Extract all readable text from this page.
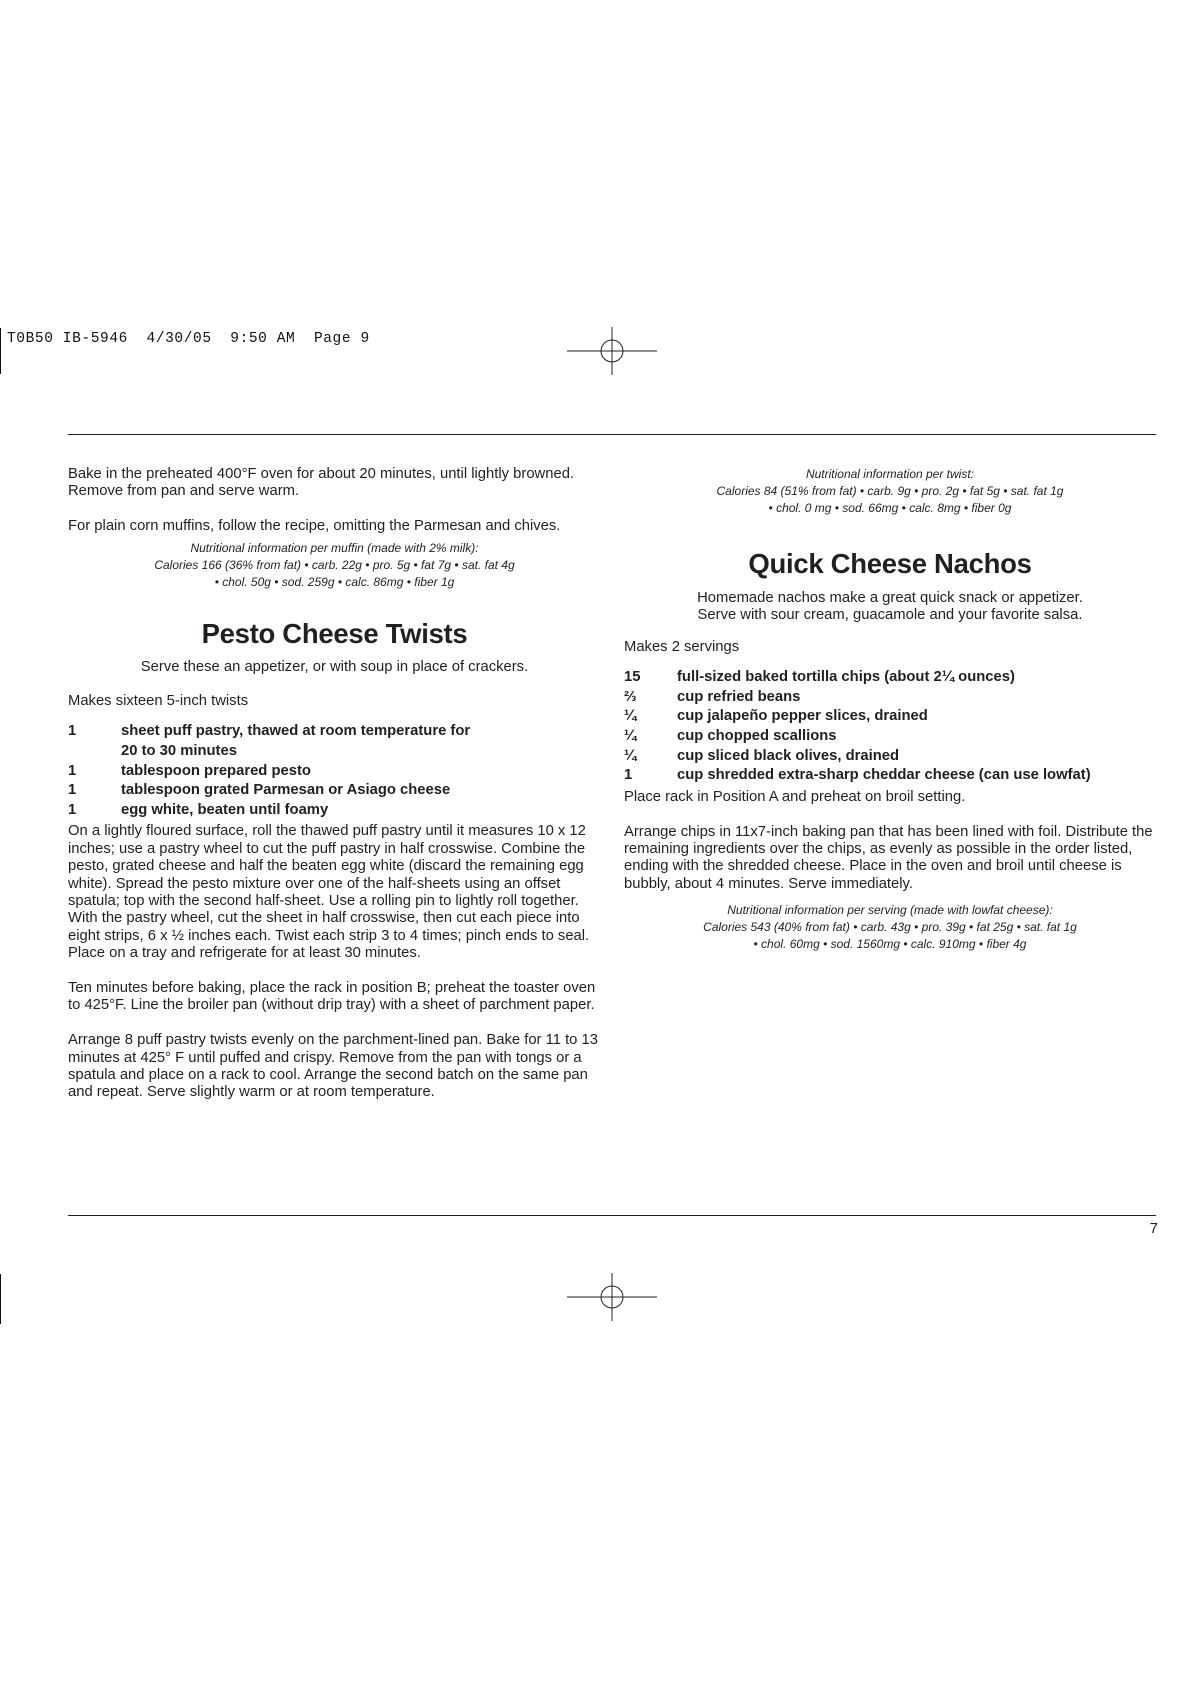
T0B50 IB-5946  4/30/05  9:50 AM  Page 9

Bake in the preheated 400°F oven for about 20 minutes, until lightly browned. Remove from pan and serve warm.

For plain corn muffins, follow the recipe, omitting the Parmesan and chives.

Nutritional information per muffin (made with 2% milk):
Calories 166 (36% from fat) • carb. 22g • pro. 5g • fat 7g • sat. fat 4g
• chol. 50g • sod. 259g • calc. 86mg • fiber 1g
Pesto Cheese Twists

Serve these an appetizer, or with soup in place of crackers.

Makes sixteen 5-inch twists

1	sheet puff pastry, thawed at room temperature for
20 to 30 minutes
1	tablespoon prepared pesto
1	tablespoon grated Parmesan or Asiago cheese
1	egg white, beaten until foamy

On a lightly floured surface, roll the thawed puff pastry until it measures 10 x 12 inches; use a pastry wheel to cut the puff pastry in half crosswise. Combine the pesto, grated cheese and half the beaten egg white (discard the remaining egg white). Spread the pesto mixture over one of the half-sheets using an offset spatula; top with the second half-sheet. Use a rolling pin to lightly roll together. With the pastry wheel, cut the sheet in half crosswise, then cut each piece into eight strips, 6 x ½ inches each. Twist each strip 3 to 4 times; pinch ends to seal. Place on a tray and refrigerate for at least 30 minutes.

Ten minutes before baking, place the rack in position B; preheat the toaster oven to 425°F. Line the broiler pan (without drip tray) with a sheet of parchment paper.

Arrange 8 puff pastry twists evenly on the parchment-lined pan. Bake for 11 to 13 minutes at 425° F until puffed and crispy. Remove from the pan with tongs or a spatula and place on a rack to cool. Arrange the second batch on the same pan and repeat. Serve slightly warm or at room temperature.

Nutritional information per twist:
Calories 84 (51% from fat) • carb. 9g • pro. 2g • fat 5g • sat. fat 1g
• chol. 0 mg • sod. 66mg • calc. 8mg • fiber 0g
Quick Cheese Nachos
Homemade nachos make a great quick snack or appetizer.
Serve with sour cream, guacamole and your favorite salsa.

Makes 2 servings

15	full-sized baked tortilla chips (about 2¼ ounces)
⅔	cup refried beans
¼	cup jalapeño pepper slices, drained
¼	cup chopped scallions
¼	cup sliced black olives, drained
1	cup shredded extra-sharp cheddar cheese (can use lowfat)

Place rack in Position A and preheat on broil setting.

Arrange chips in 11x7-inch baking pan that has been lined with foil. Distribute the remaining ingredients over the chips, as evenly as possible in the order listed, ending with the shredded cheese. Place in the oven and broil until cheese is bubbly, about 4 minutes. Serve immediately.

Nutritional information per serving (made with lowfat cheese):
Calories 543 (40% from fat) • carb. 43g • pro. 39g • fat 25g • sat. fat 1g
• chol. 60mg • sod. 1560mg • calc. 910mg • fiber 4g
7
